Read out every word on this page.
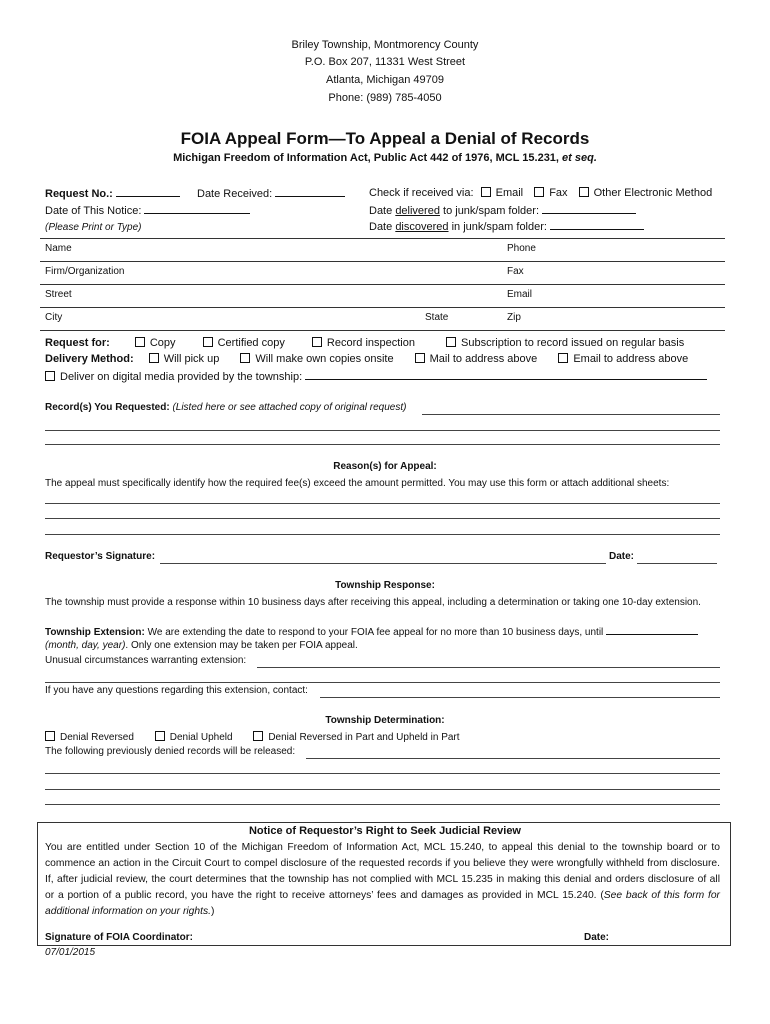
Briley Township, Montmorency County
P.O. Box 207, 11331 West Street
Atlanta, Michigan 49709
Phone: (989) 785-4050
FOIA Appeal Form—To Appeal a Denial of Records
Michigan Freedom of Information Act, Public Act 442 of 1976, MCL 15.231, et seq.
Request No.:	Date Received:
Date of This Notice:
(Please Print or Type)
Check if received via: Email Fax Other Electronic Method
Date delivered to junk/spam folder:
Date discovered in junk/spam folder:
Name	Phone
Firm/Organization	Fax
Street	Email
City	State	Zip
Request for:	Copy	Certified copy	Record inspection	Subscription to record issued on regular basis
Delivery Method:	Will pick up	Will make own copies onsite	Mail to address above	Email to address above
Deliver on digital media provided by the township:
Record(s) You Requested: (Listed here or see attached copy of original request)
Reason(s) for Appeal:
The appeal must specifically identify how the required fee(s) exceed the amount permitted. You may use this form or attach additional sheets:
Requestor’s Signature:	Date:
Township Response:
The township must provide a response within 10 business days after receiving this appeal, including a determination or taking one 10-day extension.
Township Extension: We are extending the date to respond to your FOIA fee appeal for no more than 10 business days, until
(month, day, year). Only one extension may be taken per FOIA appeal.
Unusual circumstances warranting extension:
If you have any questions regarding this extension, contact:
Township Determination:
Denial Reversed	Denial Upheld	Denial Reversed in Part and Upheld in Part
The following previously denied records will be released:
Notice of Requestor’s Right to Seek Judicial Review
You are entitled under Section 10 of the Michigan Freedom of Information Act, MCL 15.240, to appeal this denial to the township board or to
commence an action in the Circuit Court to compel disclosure of the requested records if you believe they were wrongfully withheld from disclosure.
If, after judicial review, the court determines that the township has not complied with MCL 15.235 in making this denial and orders disclosure of all
or a portion of a public record, you have the right to receive attorneys’ fees and damages as provided in MCL 15.240. (See back of this form for
additional information on your rights.)
Signature of FOIA Coordinator:	Date:
07/01/2015
